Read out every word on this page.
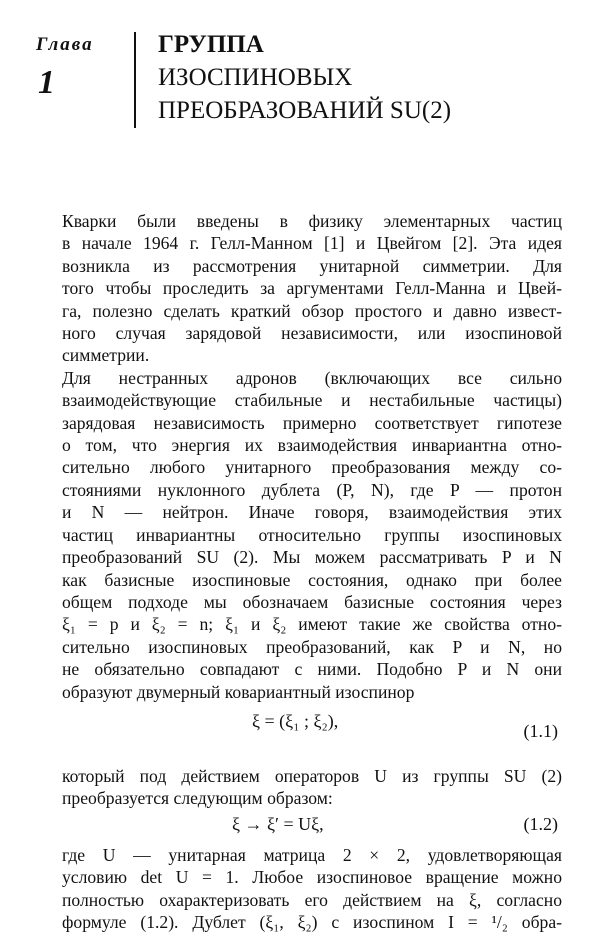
Глава
1
ГРУППА
ИЗОСПИНОВЫХ
ПРЕОБРАЗОВАНИЙ SU(2)
Кварки были введены в физику элементарных частиц
в начале 1964 г. Гелл-Манном [1] и Цвейгом [2]. Эта идея
возникла из рассмотрения унитарной симметрии. Для
того чтобы проследить за аргументами Гелл-Манна и Цвей-
га, полезно сделать краткий обзор простого и давно извест-
ного случая зарядовой независимости, или изоспиновой
симметрии.
Для нестранных адронов (включающих все сильно
взаимодействующие стабильные и нестабильные частицы)
зарядовая независимость примерно соответствует гипотезе
о том, что энергия их взаимодействия инвариантна отно-
сительно любого унитарного преобразования между со-
стояниями нуклонного дублета (P, N), где P — протон
и N — нейтрон. Иначе говоря, взаимодействия этих
частиц инвариантны относительно группы изоспиновых
преобразований SU (2). Мы можем рассматривать P и N
как базисные изоспиновые состояния, однако при более
общем подходе мы обозначаем базисные состояния через
ξ₁ = p и ξ₂ = n; ξ₁ и ξ₂ имеют такие же свойства отно-
сительно изоспиновых преобразований, как P и N, но
не обязательно совпадают с ними. Подобно P и N они
образуют двумерный ковариантный изоспинор
ξ = (ξ₁ ; ξ₂),	(1.1)
который под действием операторов U из группы SU (2)
преобразуется следующим образом:
ξ → ξ′ = Uξ,	(1.2)
где U — унитарная матрица 2 × 2, удовлетворяющая
условию det U = 1. Любое изоспиновое вращение можно
полностью охарактеризовать его действием на ξ, согласно
формуле (1.2). Дублет (ξ₁, ξ₂) с изоспином I = ¹/₂ обра-
